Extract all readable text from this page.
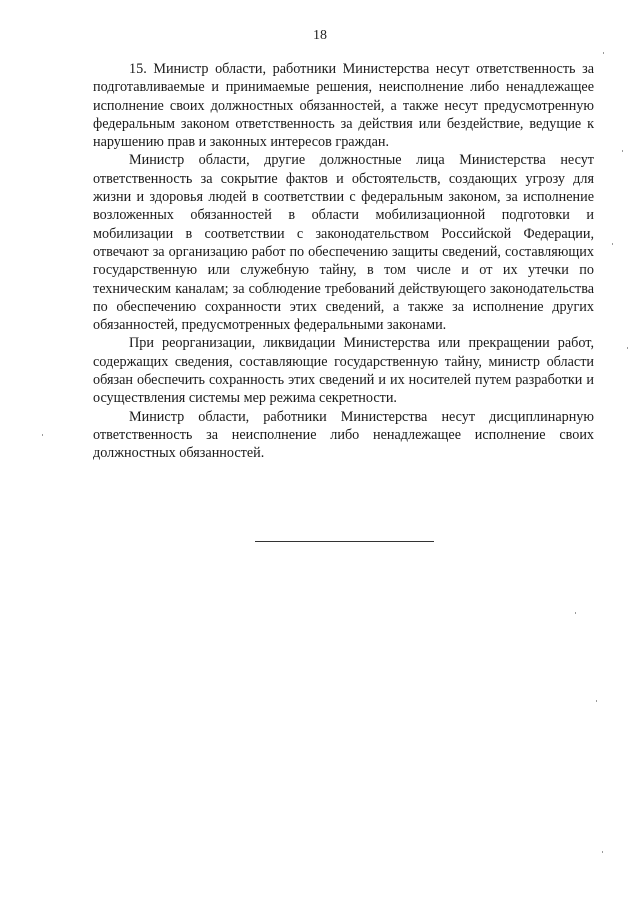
18

15. Министр области, работники Министерства несут ответственность за подготавливаемые и принимаемые решения, неисполнение либо ненадлежащее исполнение своих должностных обязанностей, а также несут предусмотренную федеральным законом ответственность за действия или бездействие, ведущие к нарушению прав и законных интересов граждан.

Министр области, другие должностные лица Министерства несут ответственность за сокрытие фактов и обстоятельств, создающих угрозу для жизни и здоровья людей в соответствии с федеральным законом, за исполнение возложенных обязанностей в области мобилизационной подготовки и мобилизации в соответствии с законодательством Российской Федерации, отвечают за организацию работ по обеспечению защиты сведений, составляющих государственную или служебную тайну, в том числе и от их утечки по техническим каналам; за соблюдение требований действующего законодательства по обеспечению сохранности этих сведений, а также за исполнение других обязанностей, предусмотренных федеральными законами.

При реорганизации, ликвидации Министерства или прекращении работ, содержащих сведения, составляющие государственную тайну, министр области обязан обеспечить сохранность этих сведений и их носителей путем разработки и осуществления системы мер режима секретности.

Министр области, работники Министерства несут дисциплинарную ответственность за неисполнение либо ненадлежащее исполнение своих должностных обязанностей.
